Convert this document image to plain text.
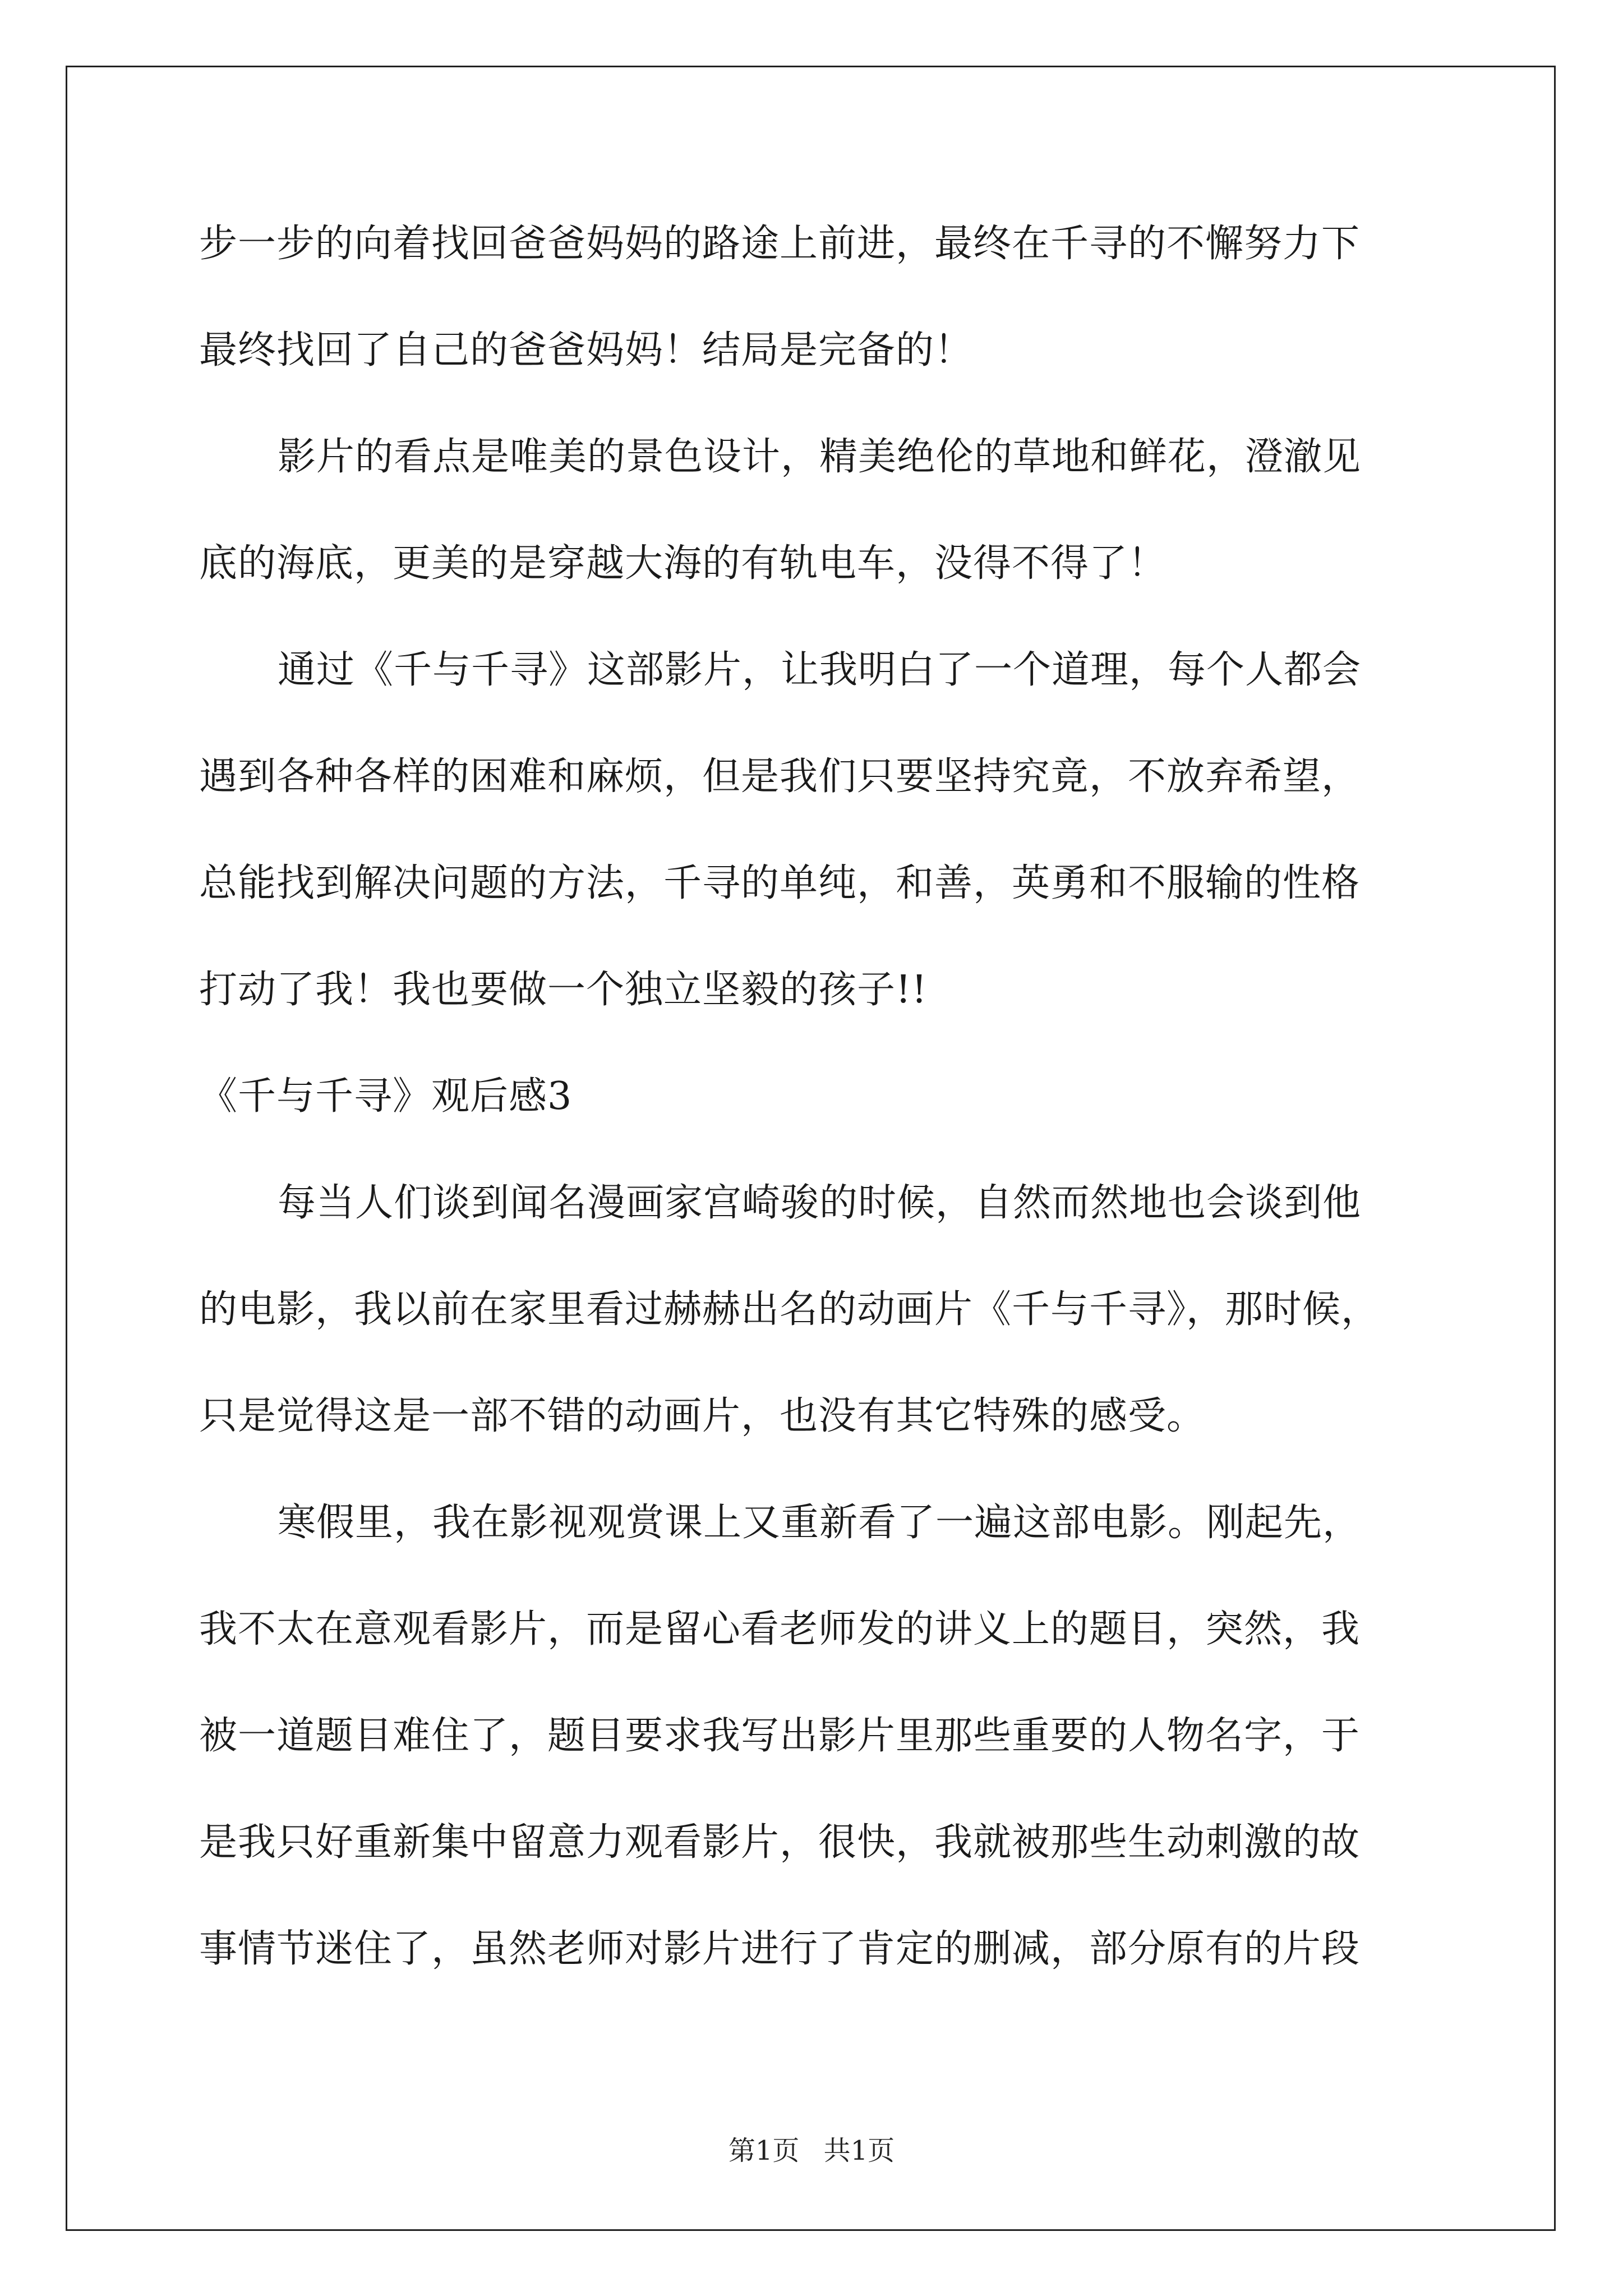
步一步的向着找回爸爸妈妈的路途上前进，最终在千寻的不懈努力下
最终找回了自己的爸爸妈妈！结局是完备的！
影片的看点是唯美的景色设计，精美绝伦的草地和鲜花，澄澈见
底的海底，更美的是穿越大海的有轨电车，没得不得了！
通过《千与千寻》这部影片，让我明白了一个道理，每个人都会
遇到各种各样的困难和麻烦，但是我们只要坚持究竟，不放弃希望，
总能找到解决问题的方法，千寻的单纯，和善，英勇和不服输的性格
打动了我！我也要做一个独立坚毅的孩子!!
《千与千寻》观后感3
每当人们谈到闻名漫画家宫崎骏的时候，自然而然地也会谈到他
的电影，我以前在家里看过赫赫出名的动画片《千与千寻》，那时候，
只是觉得这是一部不错的动画片，也没有其它特殊的感受。
寒假里，我在影视观赏课上又重新看了一遍这部电影。刚起先，
我不太在意观看影片，而是留心看老师发的讲义上的题目，突然，我
被一道题目难住了，题目要求我写出影片里那些重要的人物名字，于
是我只好重新集中留意力观看影片，很快，我就被那些生动刺激的故
事情节迷住了，虽然老师对影片进行了肯定的删减，部分原有的片段
第1页 共1页
